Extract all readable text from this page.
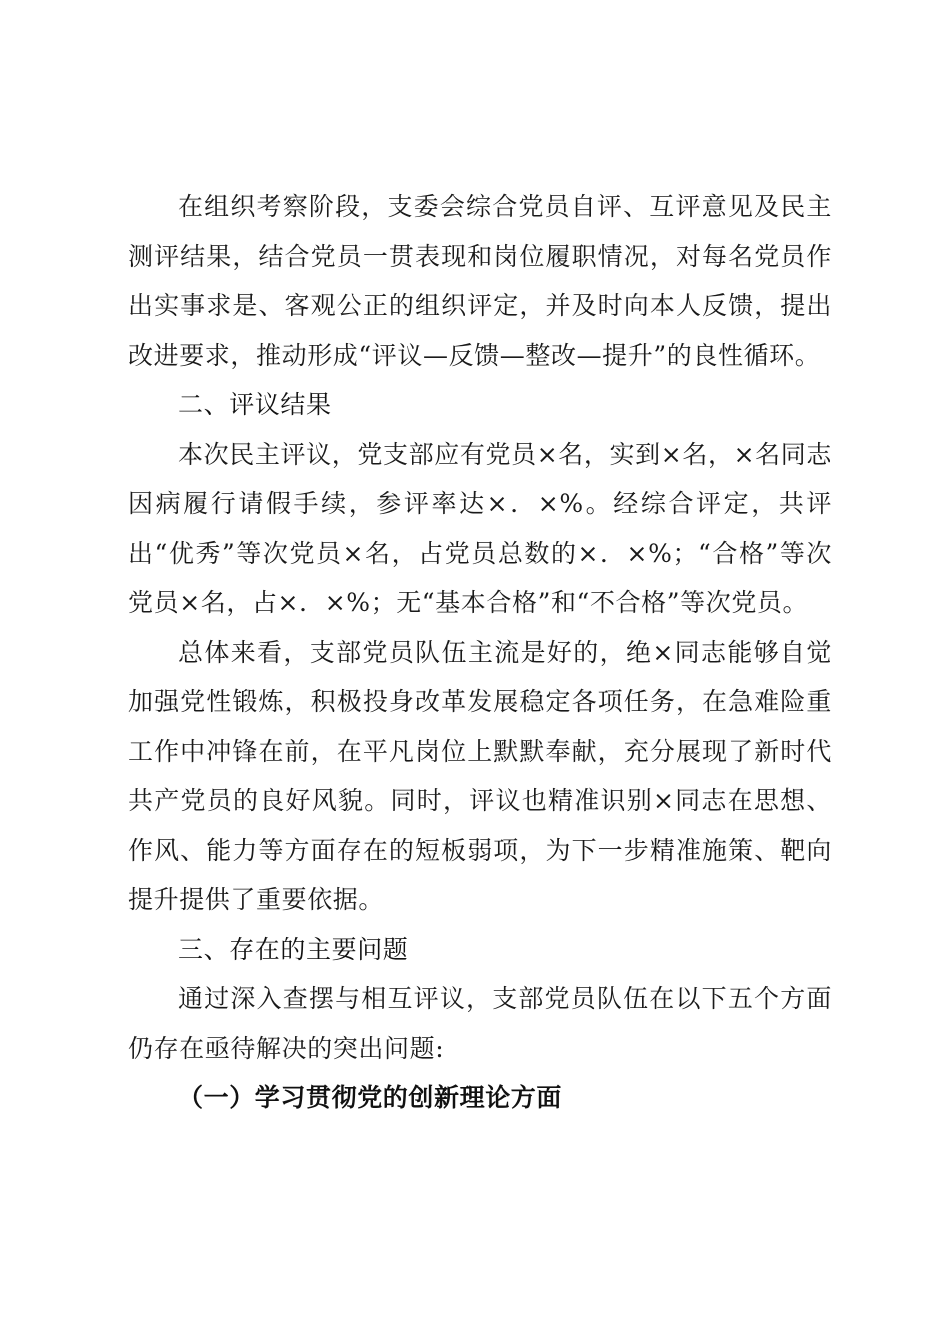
在组织考察阶段，支委会综合党员自评、互评意见及民主测评结果，结合党员一贯表现和岗位履职情况，对每名党员作出实事求是、客观公正的组织评定，并及时向本人反馈，提出改进要求，推动形成“评议—反馈—整改—提升”的良性循环。

二、评议结果

本次民主评议，党支部应有党员×名，实到×名，×名同志因病履行请假手续，参评率达×．×%。经综合评定，共评出“优秀”等次党员×名，占党员总数的×．×%；“合格”等次党员×名，占×．×%；无“基本合格”和“不合格”等次党员。

总体来看，支部党员队伍主流是好的，绝×同志能够自觉加强党性锻炼，积极投身改革发展稳定各项任务，在急难险重工作中冲锋在前，在平凡岗位上默默奉献，充分展现了新时代共产党员的良好风貌。同时，评议也精准识别×同志在思想、作风、能力等方面存在的短板弱项，为下一步精准施策、靶向提升提供了重要依据。

三、存在的主要问题

通过深入查摆与相互评议，支部党员队伍在以下五个方面仍存在亟待解决的突出问题:

（一）学习贯彻党的创新理论方面
